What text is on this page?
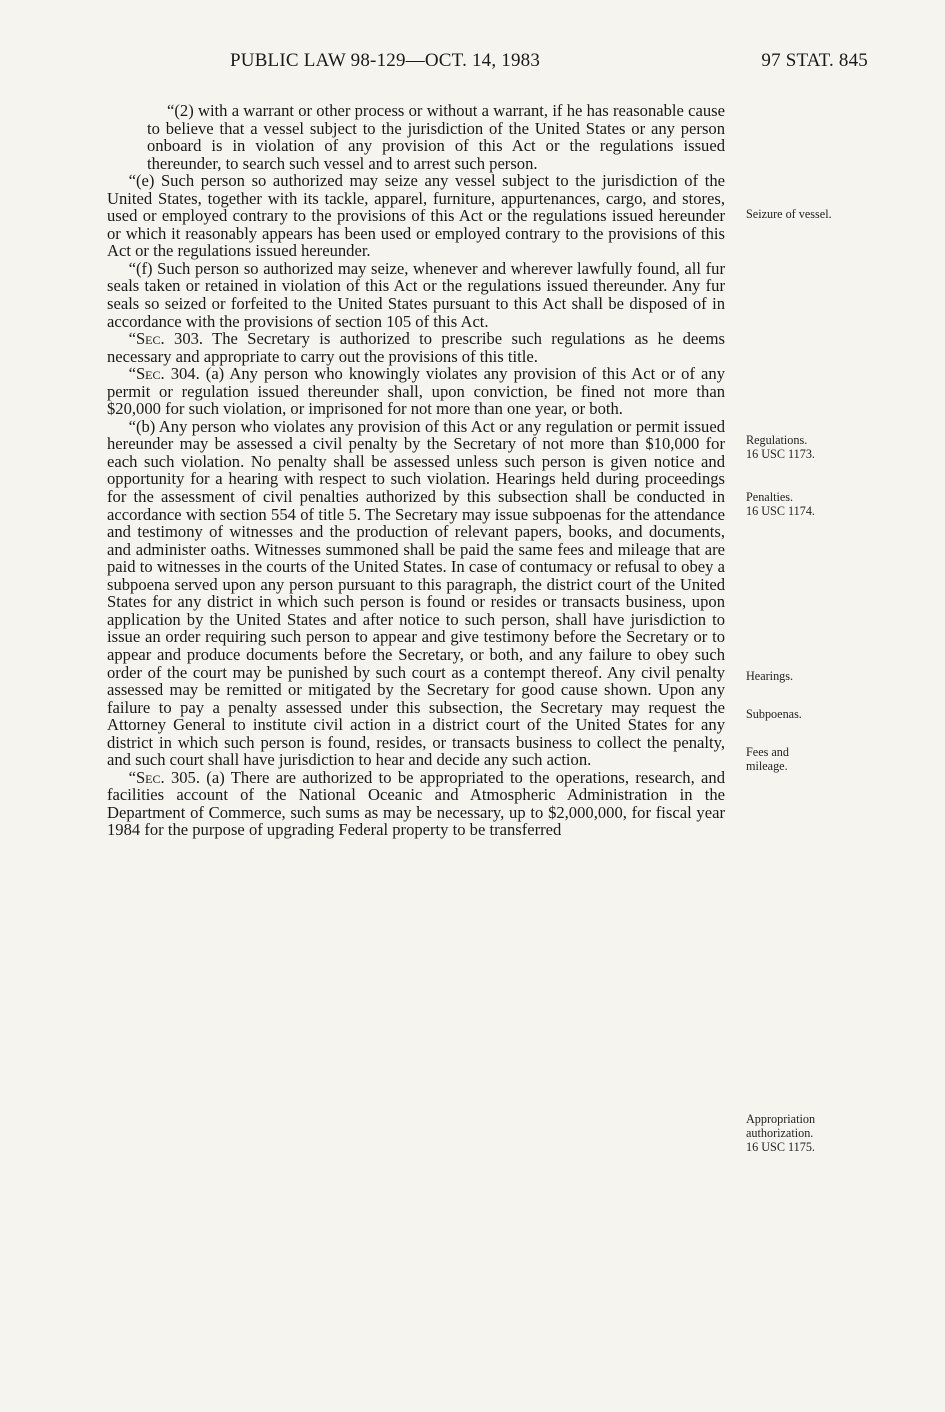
PUBLIC LAW 98-129—OCT. 14, 1983	97 STAT. 845

“(2) with a warrant or other process or without a warrant, if he has reasonable cause to believe that a vessel subject to the jurisdiction of the United States or any person onboard is in violation of any provision of this Act or the regulations issued thereunder, to search such vessel and to arrest such person.

“(e) Such person so authorized may seize any vessel subject to the jurisdiction of the United States, together with its tackle, apparel, furniture, appurtenances, cargo, and stores, used or employed contrary to the provisions of this Act or the regulations issued hereunder or which it reasonably appears has been used or employed contrary to the provisions of this Act or the regulations issued hereunder.

“(f) Such person so authorized may seize, whenever and wherever lawfully found, all fur seals taken or retained in violation of this Act or the regulations issued thereunder. Any fur seals so seized or forfeited to the United States pursuant to this Act shall be disposed of in accordance with the provisions of section 105 of this Act.

“Sec. 303. The Secretary is authorized to prescribe such regulations as he deems necessary and appropriate to carry out the provisions of this title.

“Sec. 304. (a) Any person who knowingly violates any provision of this Act or of any permit or regulation issued thereunder shall, upon conviction, be fined not more than $20,000 for such violation, or imprisoned for not more than one year, or both.

“(b) Any person who violates any provision of this Act or any regulation or permit issued hereunder may be assessed a civil penalty by the Secretary of not more than $10,000 for each such violation. No penalty shall be assessed unless such person is given notice and opportunity for a hearing with respect to such violation. Hearings held during proceedings for the assessment of civil penalties authorized by this subsection shall be conducted in accordance with section 554 of title 5. The Secretary may issue subpoenas for the attendance and testimony of witnesses and the production of relevant papers, books, and documents, and administer oaths. Witnesses summoned shall be paid the same fees and mileage that are paid to witnesses in the courts of the United States. In case of contumacy or refusal to obey a subpoena served upon any person pursuant to this paragraph, the district court of the United States for any district in which such person is found or resides or transacts business, upon application by the United States and after notice to such person, shall have jurisdiction to issue an order requiring such person to appear and give testimony before the Secretary or to appear and produce documents before the Secretary, or both, and any failure to obey such order of the court may be punished by such court as a contempt thereof. Any civil penalty assessed may be remitted or mitigated by the Secretary for good cause shown. Upon any failure to pay a penalty assessed under this subsection, the Secretary may request the Attorney General to institute civil action in a district court of the United States for any district in which such person is found, resides, or transacts business to collect the penalty, and such court shall have jurisdiction to hear and decide any such action.

“Sec. 305. (a) There are authorized to be appropriated to the operations, research, and facilities account of the National Oceanic and Atmospheric Administration in the Department of Commerce, such sums as may be necessary, up to $2,000,000, for fiscal year 1984 for the purpose of upgrading Federal property to be transferred

Seizure of vessel.
Regulations.
16 USC 1173.
Penalties.
16 USC 1174.
Hearings.
Subpoenas.
Fees and
mileage.
Appropriation
authorization.
16 USC 1175.
